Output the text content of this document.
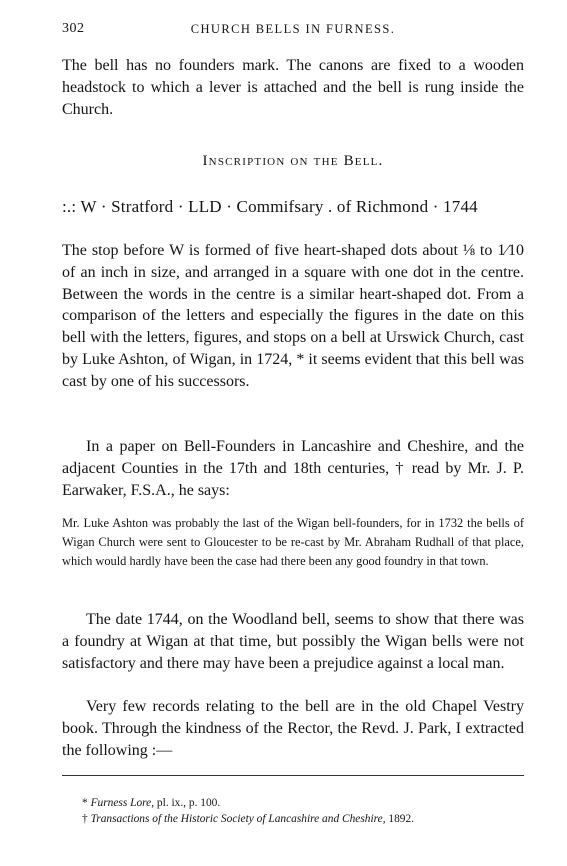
302	CHURCH BELLS IN FURNESS.

The bell has no founders mark. The canons are fixed to a wooden headstock to which a lever is attached and the bell is rung inside the Church.

Inscription on the Bell.
:.: W · Stratford · LLD · Commifsary . of Richmond · 1744

The stop before W is formed of five heart-shaped dots about ⅛ to 1⁄10 of an inch in size, and arranged in a square with one dot in the centre. Between the words in the centre is a similar heart-shaped dot. From a comparison of the letters and especially the figures in the date on this bell with the letters, figures, and stops on a bell at Urswick Church, cast by Luke Ashton, of Wigan, in 1724, * it seems evident that this bell was cast by one of his successors.

In a paper on Bell-Founders in Lancashire and Cheshire, and the adjacent Counties in the 17th and 18th centuries, † read by Mr. J. P. Earwaker, F.S.A., he says:

Mr. Luke Ashton was probably the last of the Wigan bell-founders, for in 1732 the bells of Wigan Church were sent to Gloucester to be re-cast by Mr. Abraham Rudhall of that place, which would hardly have been the case had there been any good foundry in that town.

The date 1744, on the Woodland bell, seems to show that there was a foundry at Wigan at that time, but possibly the Wigan bells were not satisfactory and there may have been a prejudice against a local man.

Very few records relating to the bell are in the old Chapel Vestry book. Through the kindness of the Rector, the Revd. J. Park, I extracted the following :—

* Furness Lore, pl. ix., p. 100.
† Transactions of the Historic Society of Lancashire and Cheshire, 1892.
